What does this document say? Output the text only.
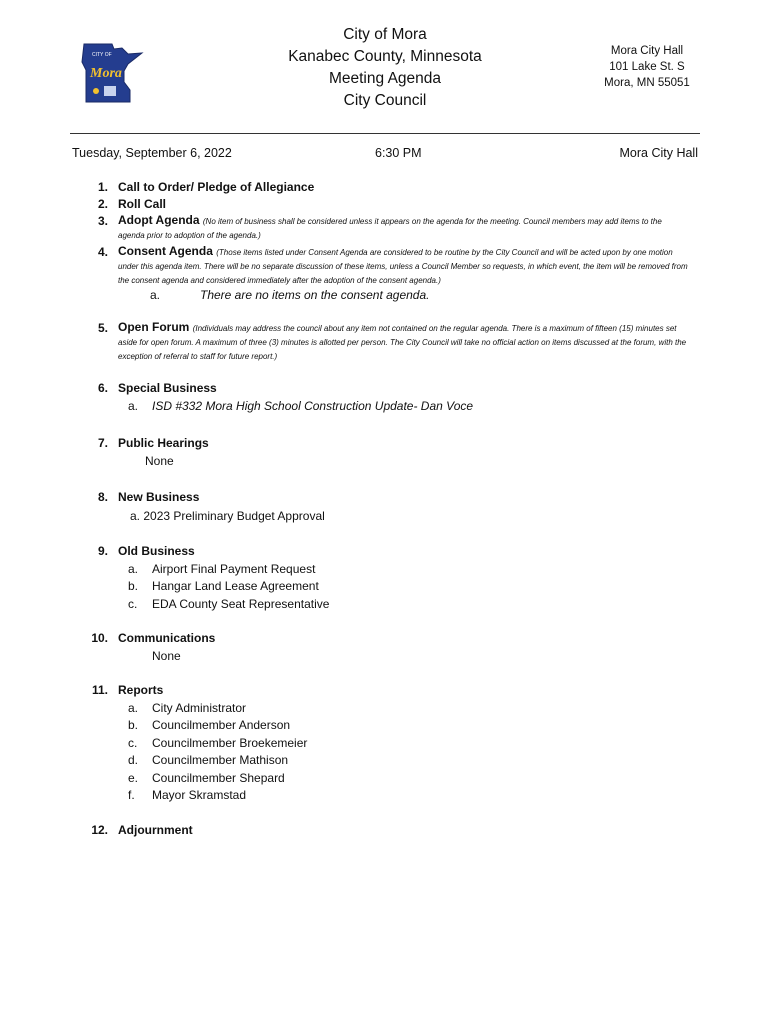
CITY OF
Mora
City of Mora
Kanabec County, Minnesota
Meeting Agenda
City Council
Mora City Hall
101 Lake St. S
Mora, MN 55051
Tuesday, September 6, 2022	6:30 PM	Mora City Hall
1. Call to Order/ Pledge of Allegiance
2. Roll Call
3. Adopt Agenda (No item of business shall be considered unless it appears on the agenda for the meeting. Council members may add items to the agenda prior to adoption of the agenda.)
4. Consent Agenda (Those items listed under Consent Agenda are considered to be routine by the City Council and will be acted upon by one motion under this agenda item. There will be no separate discussion of these items, unless a Council Member so requests, in which event, the item will be removed from the consent agenda and considered immediately after the adoption of the consent agenda.)
a.	There are no items on the consent agenda.
5. Open Forum (Individuals may address the council about any item not contained on the regular agenda. There is a maximum of fifteen (15) minutes set aside for open forum. A maximum of three (3) minutes is allotted per person. The City Council will take no official action on items discussed at the forum, with the exception of referral to staff for future report.)
6. Special Business
a. ISD #332 Mora High School Construction Update- Dan Voce
7. Public Hearings
None
8. New Business
a. 2023 Preliminary Budget Approval
9. Old Business
a. Airport Final Payment Request
b. Hangar Land Lease Agreement
c. EDA County Seat Representative
10. Communications
None
11. Reports
a. City Administrator
b. Councilmember Anderson
c. Councilmember Broekemeier
d. Councilmember Mathison
e. Councilmember Shepard
f. Mayor Skramstad
12. Adjournment
